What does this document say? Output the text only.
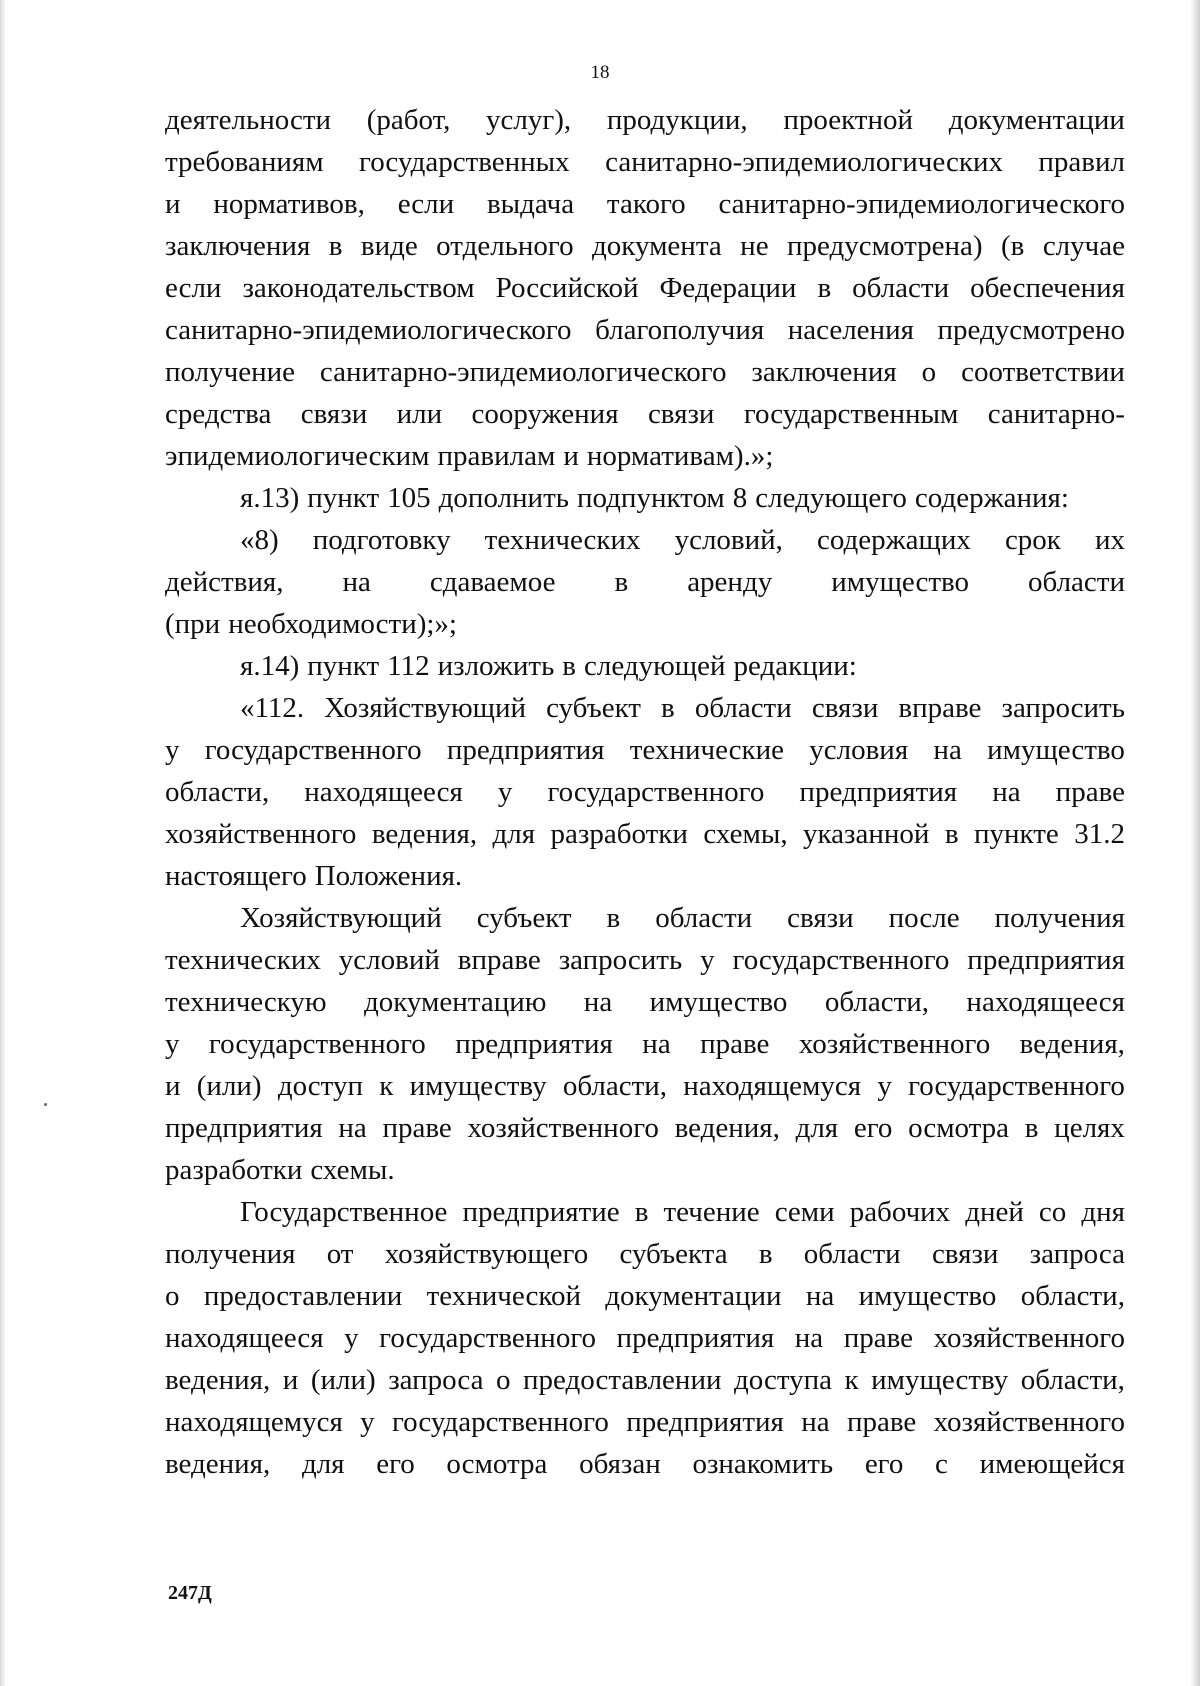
18
деятельности (работ, услуг), продукции, проектной документации
требованиям государственных санитарно-эпидемиологических правил
и нормативов, если выдача такого санитарно-эпидемиологического
заключения в виде отдельного документа не предусмотрена) (в случае
если законодательством Российской Федерации в области обеспечения
санитарно-эпидемиологического благополучия населения предусмотрено
получение санитарно-эпидемиологического заключения о соответствии
средства связи или сооружения связи государственным санитарно-
эпидемиологическим правилам и нормативам).»;
я.13) пункт 105 дополнить подпунктом 8 следующего содержания:
«8) подготовку технических условий, содержащих срок их
действия, на сдаваемое в аренду имущество области
(при необходимости);»;
я.14) пункт 112 изложить в следующей редакции:
«112. Хозяйствующий субъект в области связи вправе запросить
у государственного предприятия технические условия на имущество
области, находящееся у государственного предприятия на праве
хозяйственного ведения, для разработки схемы, указанной в пункте 31.2
настоящего Положения.
Хозяйствующий субъект в области связи после получения
технических условий вправе запросить у государственного предприятия
техническую документацию на имущество области, находящееся
у государственного предприятия на праве хозяйственного ведения,
и (или) доступ к имуществу области, находящемуся у государственного
предприятия на праве хозяйственного ведения, для его осмотра в целях
разработки схемы.
Государственное предприятие в течение семи рабочих дней со дня
получения от хозяйствующего субъекта в области связи запроса
о предоставлении технической документации на имущество области,
находящееся у государственного предприятия на праве хозяйственного
ведения, и (или) запроса о предоставлении доступа к имуществу области,
находящемуся у государственного предприятия на праве хозяйственного
ведения, для его осмотра обязан ознакомить его с имеющейся
247Д
